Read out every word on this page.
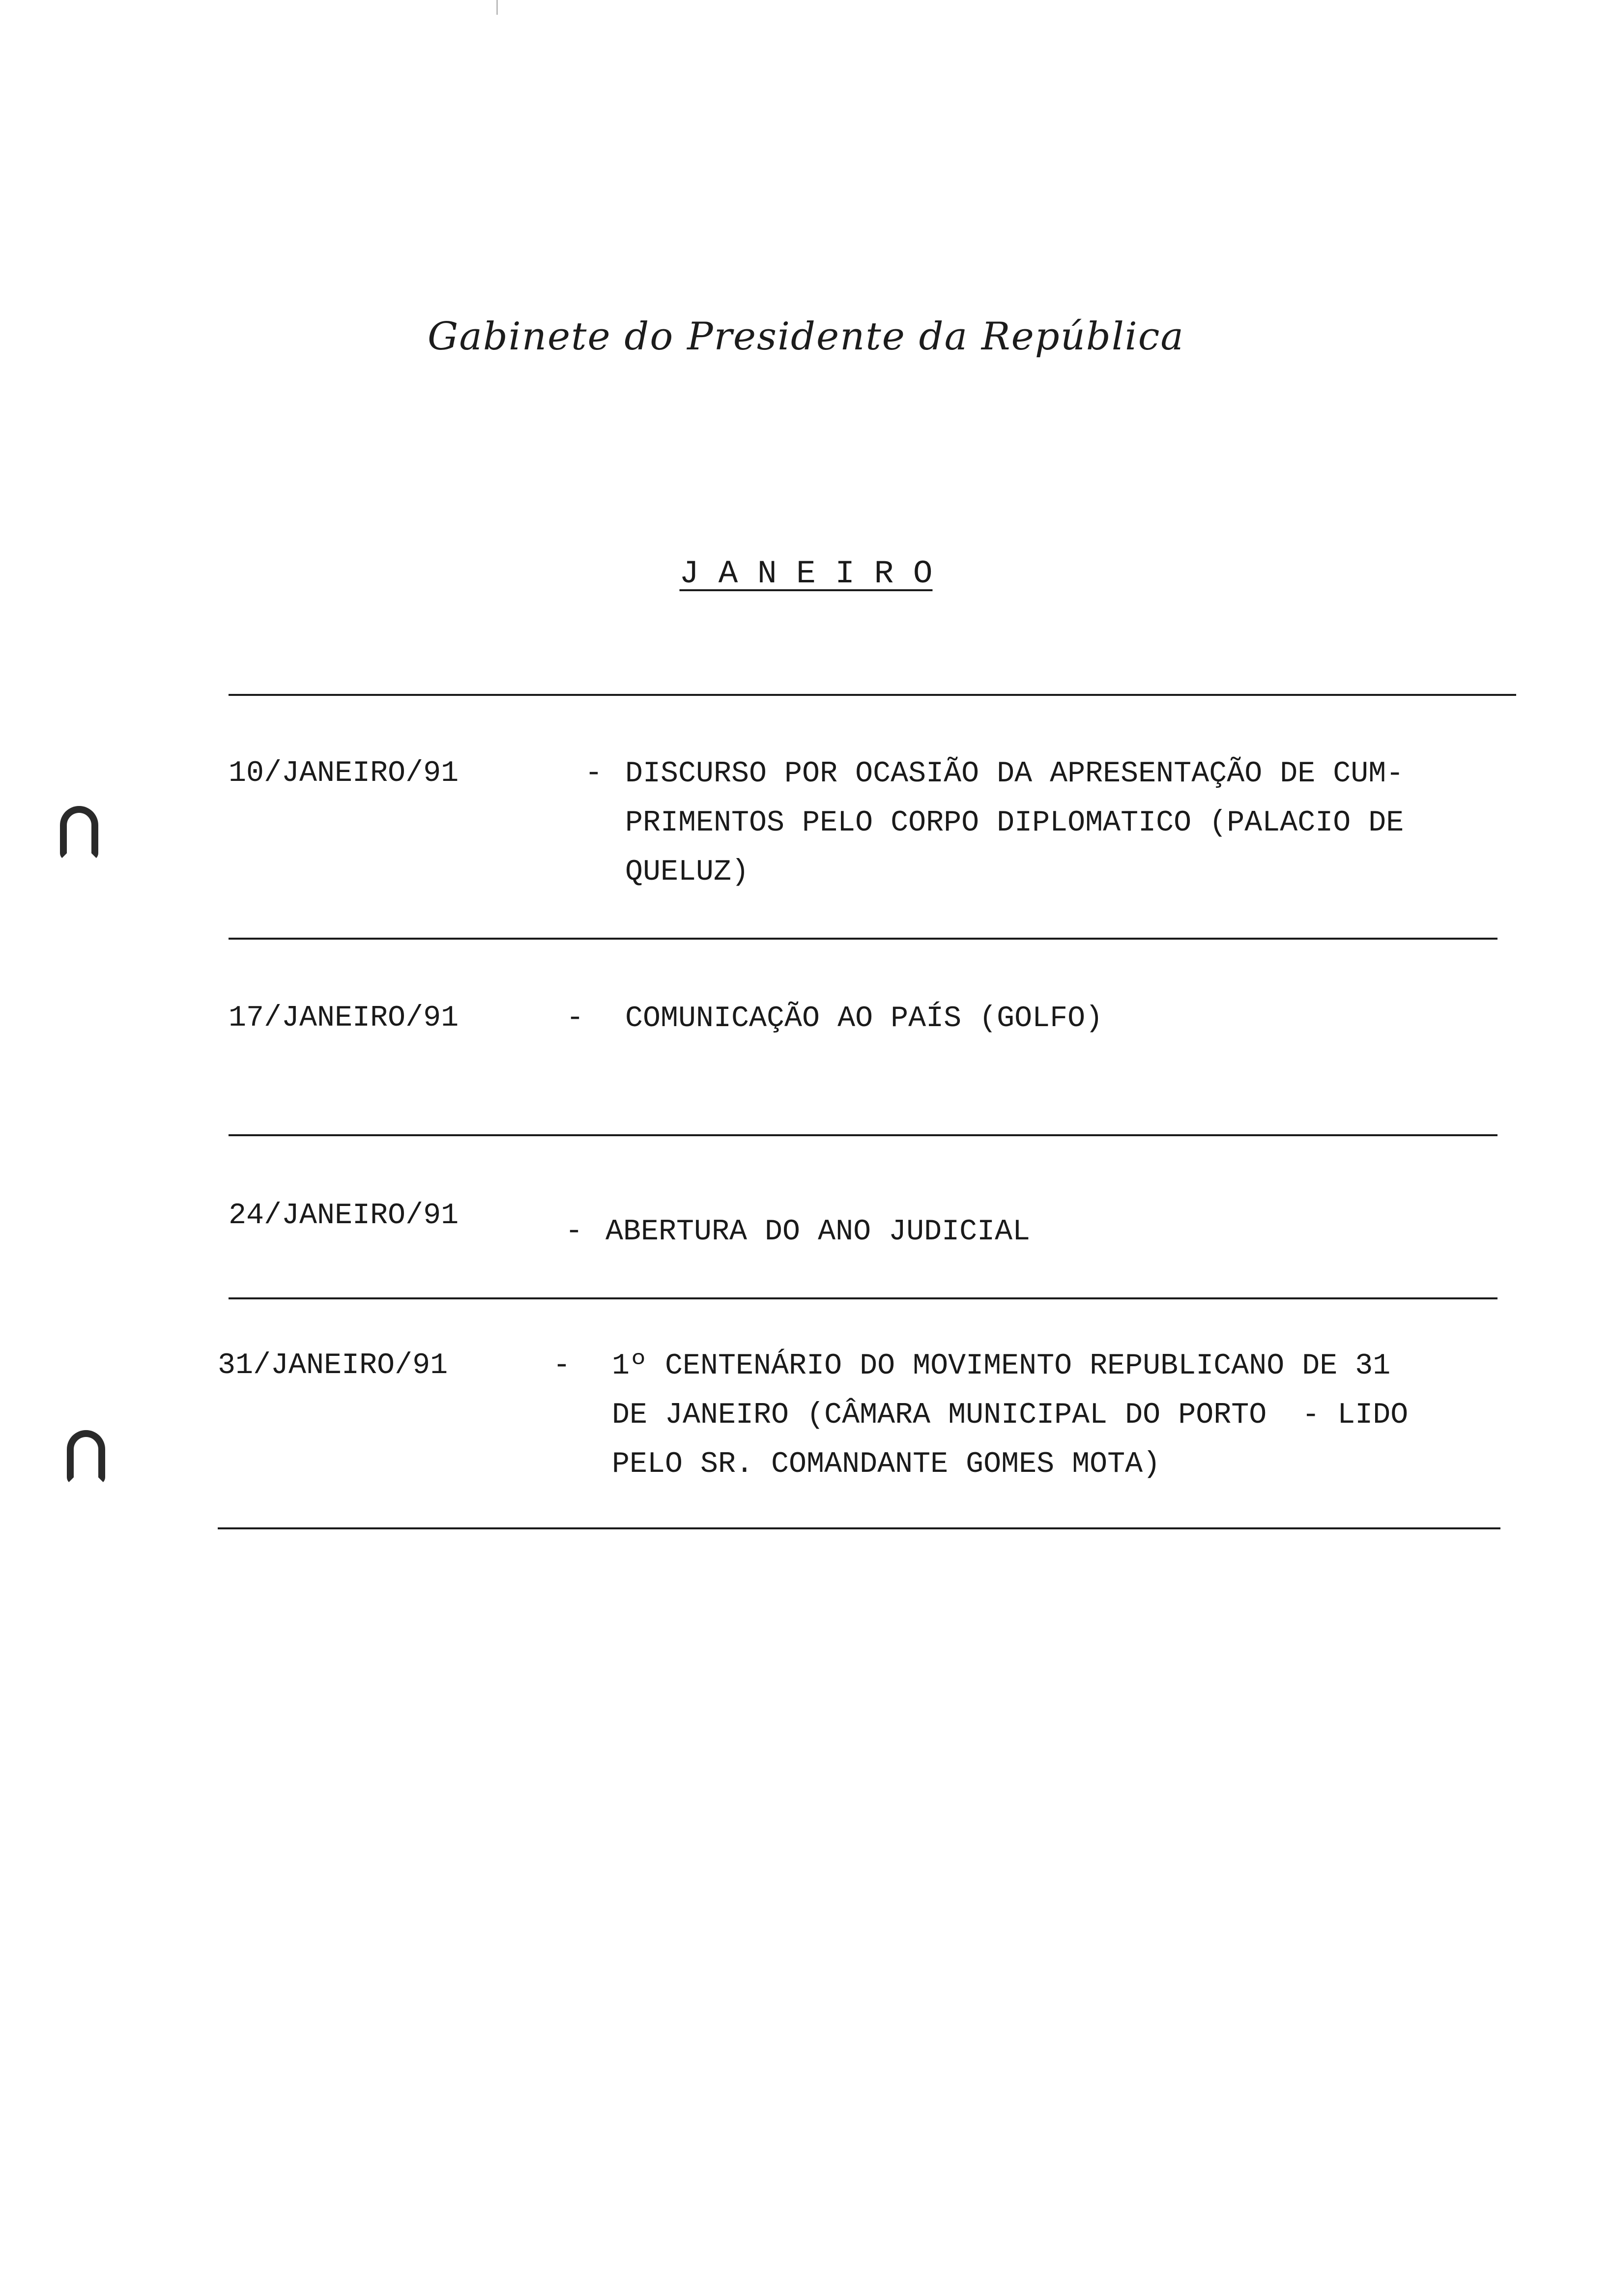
Gabinete do Presidente da República
J A N E I R O
10/JANEIRO/91	- DISCURSO POR OCASIÃO DA APRESENTAÇÃO DE CUM-
PRIMENTOS PELO CORPO DIPLOMATICO (PALACIO DE
QUELUZ)
17/JANEIRO/91	- COMUNICAÇÃO AO PAÍS (GOLFO)
24/JANEIRO/91	- ABERTURA DO ANO JUDICIAL
31/JANEIRO/91	- 1º CENTENÁRIO DO MOVIMENTO REPUBLICANO DE 31
DE JANEIRO (CÂMARA MUNICIPAL DO PORTO  - LIDO
PELO SR. COMANDANTE GOMES MOTA)
